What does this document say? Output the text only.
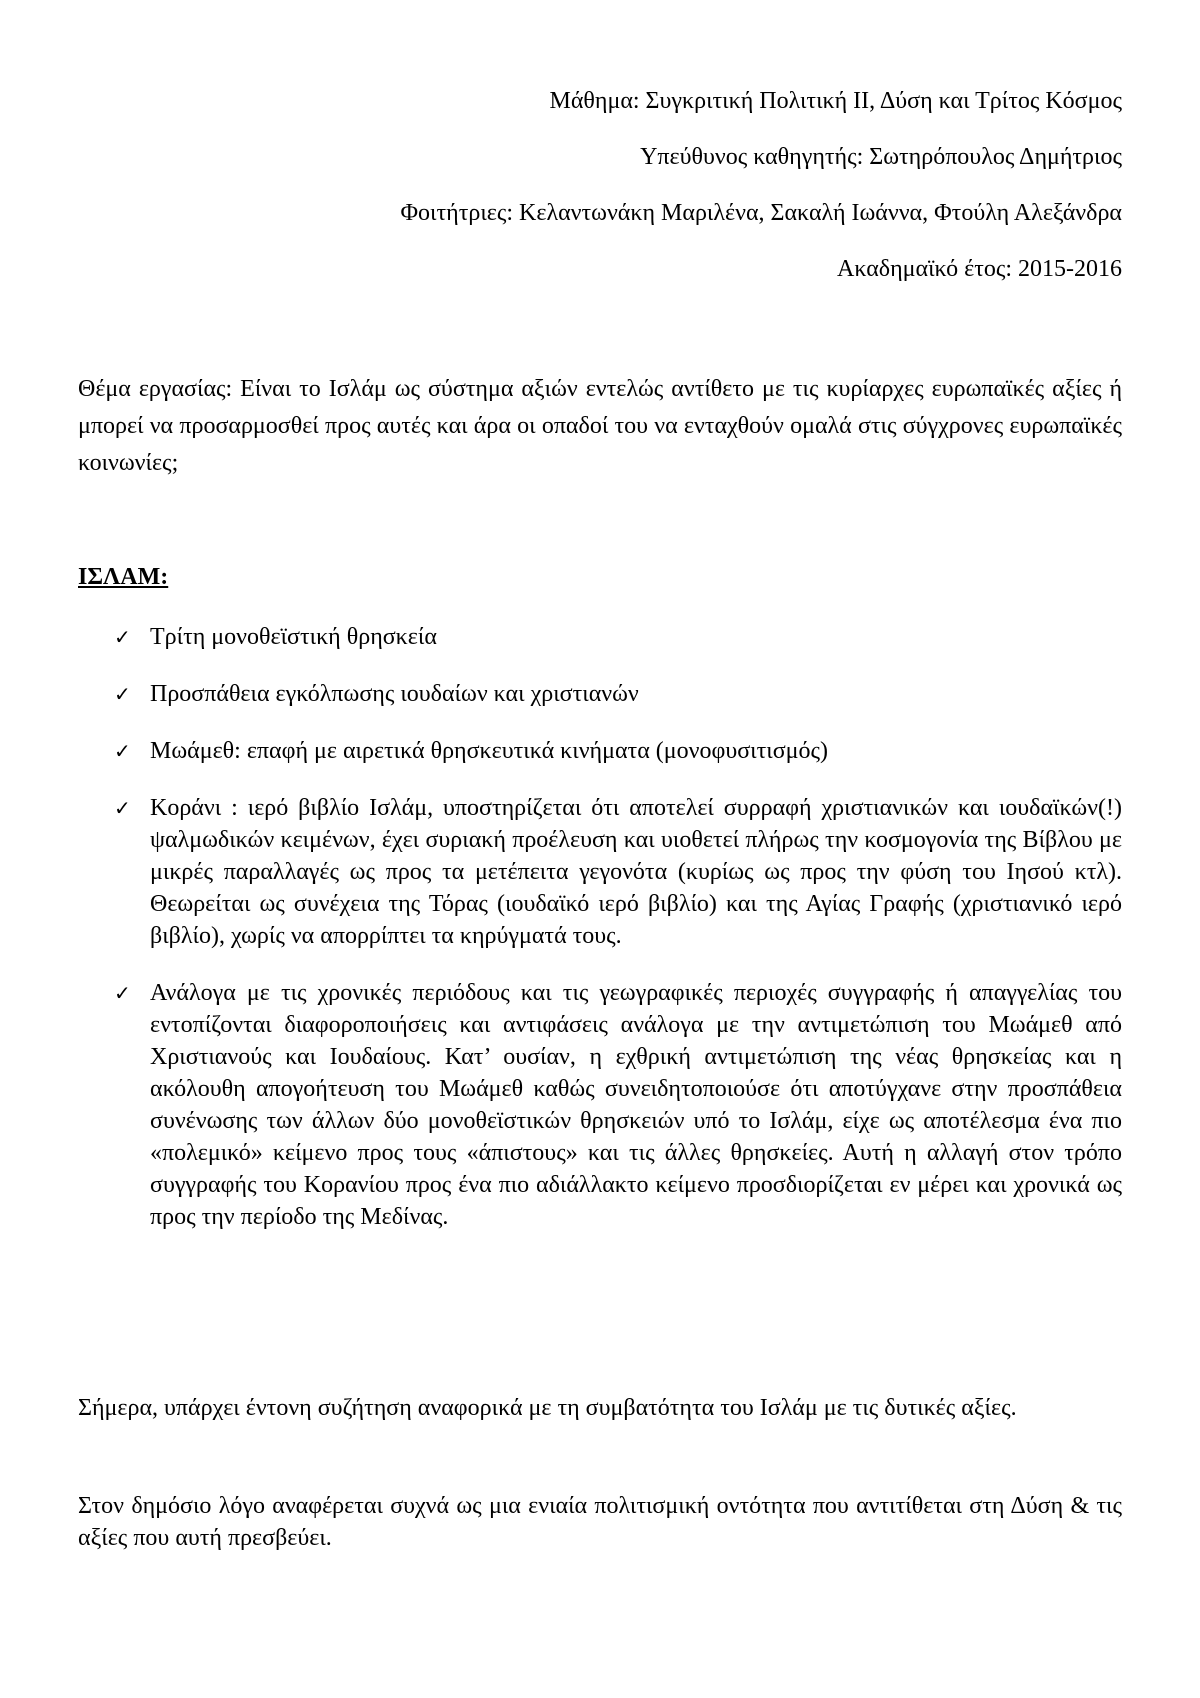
Μάθημα: Συγκριτική Πολιτική ΙΙ, Δύση και Τρίτος Κόσμος

Υπεύθυνος καθηγητής: Σωτηρόπουλος Δημήτριος

Φοιτήτριες: Κελαντωνάκη Μαριλένα, Σακαλή Ιωάννα, Φτούλη Αλεξάνδρα

Ακαδημαϊκό έτος: 2015-2016

Θέμα εργασίας: Είναι το Ισλάμ ως σύστημα αξιών εντελώς αντίθετο με τις κυρίαρχες ευρωπαϊκές αξίες ή μπορεί να προσαρμοσθεί προς αυτές και άρα οι οπαδοί του να ενταχθούν ομαλά στις σύγχρονες ευρωπαϊκές κοινωνίες;

ΙΣΛΑΜ:

✓ Τρίτη μονοθεϊστική θρησκεία
✓ Προσπάθεια εγκόλπωσης ιουδαίων και χριστιανών
✓ Μωάμεθ: επαφή με αιρετικά θρησκευτικά κινήματα (μονοφυσιτισμός)
✓ Κοράνι : ιερό βιβλίο Ισλάμ, υποστηρίζεται ότι αποτελεί συρραφή χριστιανικών και ιουδαϊκών(!) ψαλμωδικών κειμένων, έχει συριακή προέλευση και υιοθετεί πλήρως την κοσμογονία της Βίβλου με μικρές παραλλαγές ως προς τα μετέπειτα γεγονότα (κυρίως ως προς την φύση του Ιησού κτλ). Θεωρείται ως συνέχεια της Τόρας (ιουδαϊκό ιερό βιβλίο) και της Αγίας Γραφής (χριστιανικό ιερό βιβλίο), χωρίς να απορρίπτει τα κηρύγματά τους.
✓ Ανάλογα με τις χρονικές περιόδους και τις γεωγραφικές περιοχές συγγραφής ή απαγγελίας του εντοπίζονται διαφοροποιήσεις και αντιφάσεις ανάλογα με την αντιμετώπιση του Μωάμεθ από Χριστιανούς και Ιουδαίους. Κατ’ ουσίαν, η εχθρική αντιμετώπιση της νέας θρησκείας και η ακόλουθη απογοήτευση του Μωάμεθ καθώς συνειδητοποιούσε ότι αποτύγχανε στην προσπάθεια συνένωσης των άλλων δύο μονοθεϊστικών θρησκειών υπό το Ισλάμ, είχε ως αποτέλεσμα ένα πιο «πολεμικό» κείμενο προς τους «άπιστους» και τις άλλες θρησκείες. Αυτή η αλλαγή στον τρόπο συγγραφής του Κορανίου προς ένα πιο αδιάλλακτο κείμενο προσδιορίζεται εν μέρει και χρονικά ως προς την περίοδο της Μεδίνας.

Σήμερα, υπάρχει έντονη συζήτηση αναφορικά με τη συμβατότητα του Ισλάμ με τις δυτικές αξίες.

Στον δημόσιο λόγο αναφέρεται συχνά ως μια ενιαία πολιτισμική οντότητα που αντιτίθεται στη Δύση & τις αξίες που αυτή πρεσβεύει.
